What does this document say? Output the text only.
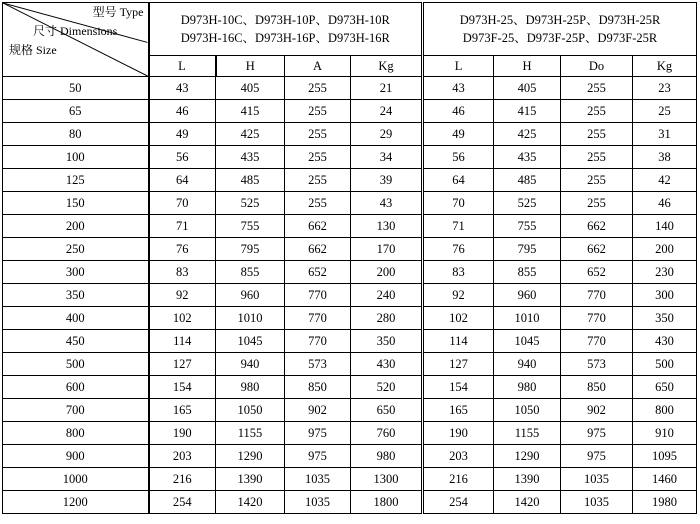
型号 Type
尺寸 Dimensions
规格 Size	D973H-10C、D973H-10P、D973H-10R
D973H-16C、D973H-16P、D973H-16R				D973H-25、D973H-25P、D973H-25R
D973F-25、D973F-25P、D973F-25R			

	L	H	A	Kg	L	H	Do	Kg
50	43	405	255	21	43	405	255	23
65	46	415	255	24	46	415	255	25
80	49	425	255	29	49	425	255	31
100	56	435	255	34	56	435	255	38
125	64	485	255	39	64	485	255	42
150	70	525	255	43	70	525	255	46
200	71	755	662	130	71	755	662	140
250	76	795	662	170	76	795	662	200
300	83	855	652	200	83	855	652	230
350	92	960	770	240	92	960	770	300
400	102	1010	770	280	102	1010	770	350
450	114	1045	770	350	114	1045	770	430
500	127	940	573	430	127	940	573	500
600	154	980	850	520	154	980	850	650
700	165	1050	902	650	165	1050	902	800
800	190	1155	975	760	190	1155	975	910
900	203	1290	975	980	203	1290	975	1095
1000	216	1390	1035	1300	216	1390	1035	1460
1200	254	1420	1035	1800	254	1420	1035	1980
